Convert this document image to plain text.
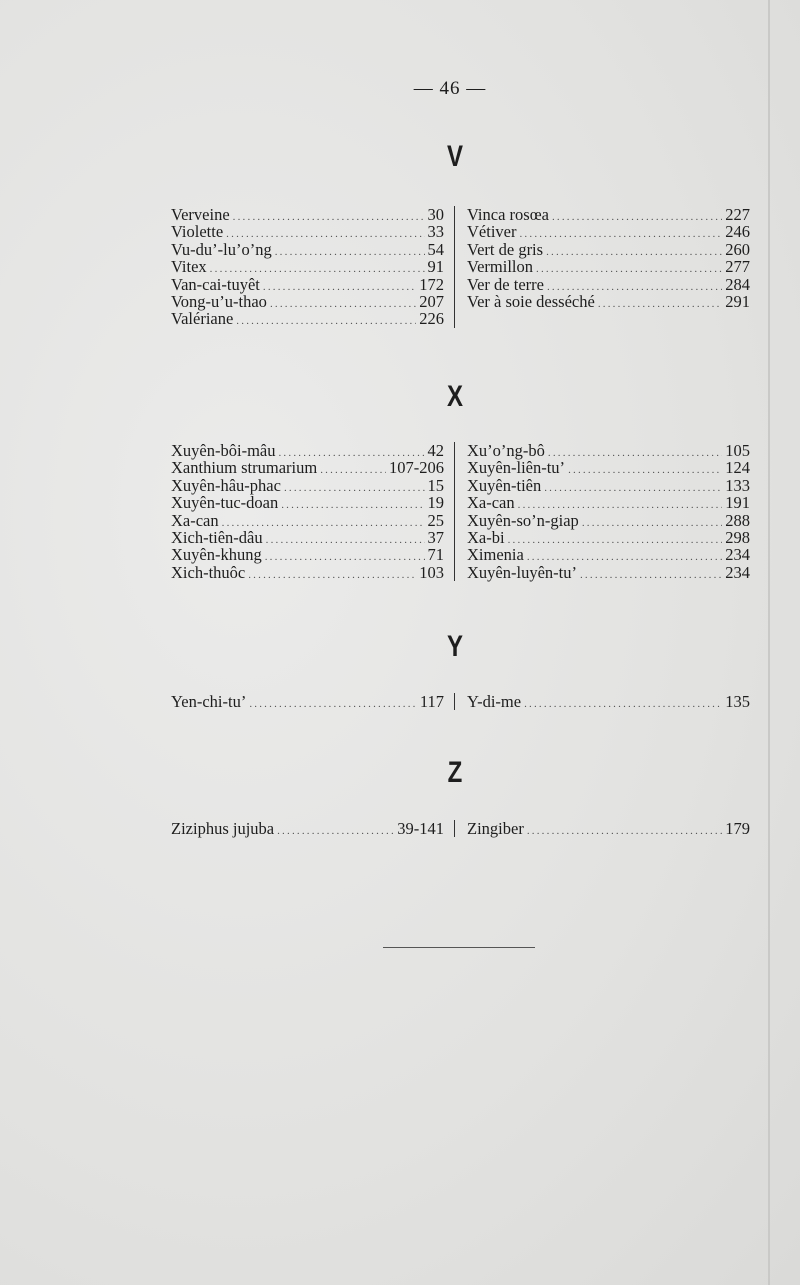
— 46 —
V
Verveine .....	30
Violette .....	33
Vu-du’-lu’o’ng .....	54
Vitex .....	91
Van-cai-tuyêt .....	172
Vong-u’u-thao .....	207
Valériane .....	226
Vinca rosœa .....	227
Vétiver .....	246
Vert de gris .....	260
Vermillon .....	277
Ver de terre .....	284
Ver à soie desséché .....	291
X
Xuyên-bôi-mâu .....	42
Xanthium strumarium .....	107-206
Xuyên-hâu-phac .....	15
Xuyên-tuc-doan .....	19
Xa-can .....	25
Xich-tiên-dâu .....	37
Xuyên-khung .....	71
Xich-thuôc .....	103
Xu’o’ng-bô .....	105
Xuyên-liên-tu’ .....	124
Xuyên-tiên .....	133
Xa-can .....	191
Xuyên-so’n-giap .....	288
Xa-bi .....	298
Ximenia .....	234
Xuyên-luyên-tu’ .....	234
Y
Yen-chi-tu’ .....	117 Y-di-me .....	135
Z
Ziziphus jujuba .....	39-141 Zingiber .....	179
